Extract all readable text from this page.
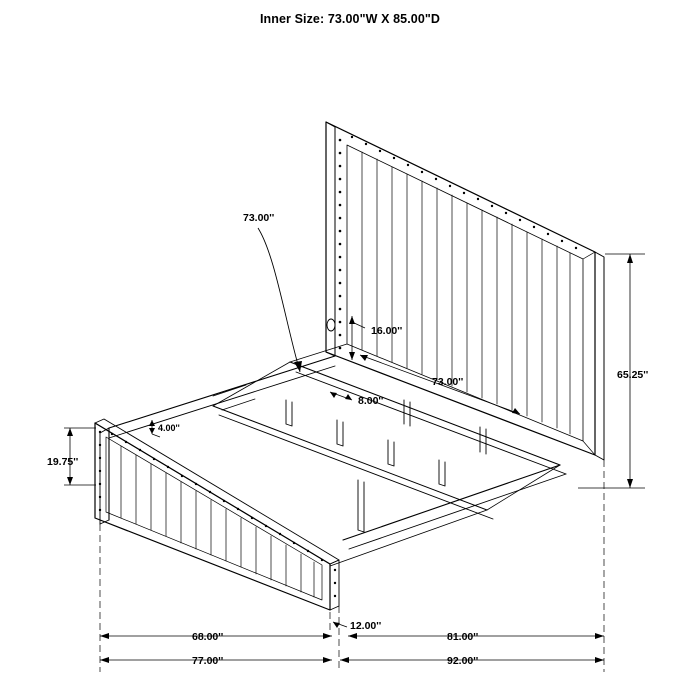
Inner Size: 73.00"W X 85.00"D
73.00''
16.00''
73.00''
8.00''
4.00''
19.75''
65.25''
12.00''
68.00''	81.00''
77.00''	92.00''
